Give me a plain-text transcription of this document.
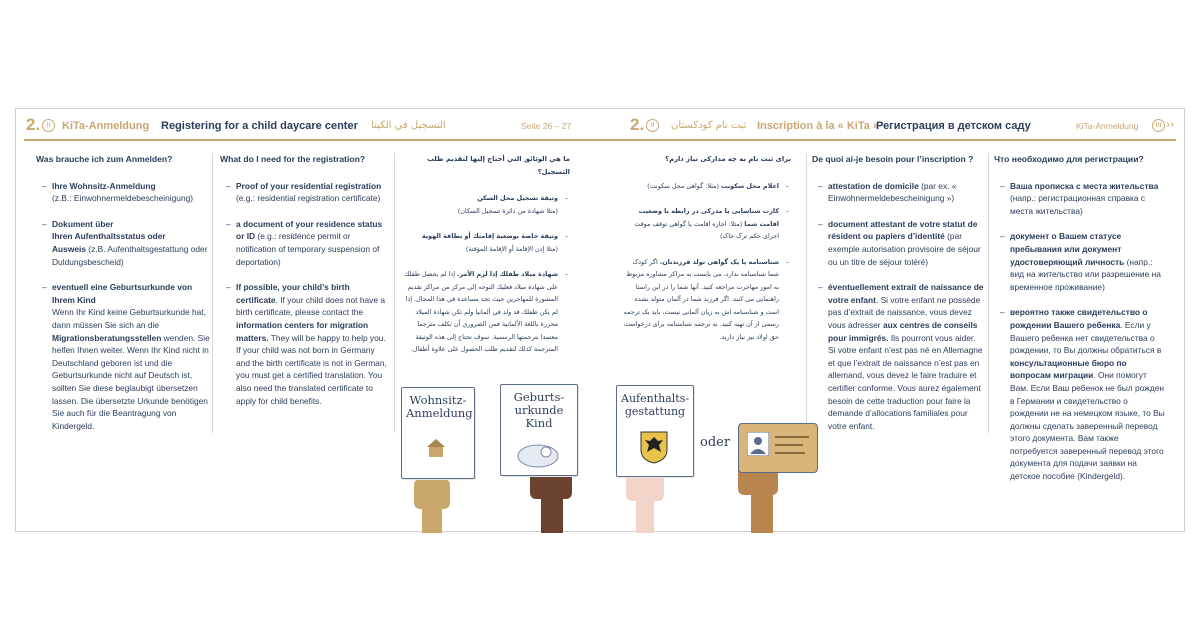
2. II	KiTa-Anmeldung Registering for a child daycare center التسجيل في الكيتا	Seite 26 – 27	2. II	ثبت نام کودکستان Inscription à la « KiTa »
Регистрация в детском саду	KiTa-Anmeldung	III ››
Was brauche ich zum Anmelden?
– Ihre Wohnsitz-Anmeldung
(z.B.: Einwohnermeldebescheinigung)
– Dokument über
Ihren Aufenthaltsstatus oder
Ausweis (z.B. Aufenthaltsgestattung oder Duldungsbescheid)
– eventuell eine Geburtsurkunde von Ihrem Kind
Wenn Ihr Kind keine Geburtsurkunde hat, dann müssen Sie sich an die Migrationsberatungsstellen wenden. Sie helfen Ihnen weiter. Wenn Ihr Kind nicht in Deutschland geboren ist und die Geburtsurkunde nicht auf Deutsch ist, sollten Sie diese beglaubigt übersetzen lassen. Die übersetzte Urkunde benötigen Sie auch für die Beantragung von Kindergeld.
What do I need for the registration?
– Proof of your residential registration
(e.g.: residential registration certificate)
– a document of your residence status or ID (e.g.: residence permit or notification of temporary suspension of deportation)
– If possible, your child’s birth certificate. If your child does not have a birth certificate, please contact the information centers for migration matters. They will be happy to help you. If your child was not born in Germany and the birth certificate is not in German, you must get a certified translation. You also need the translated certificate to apply for child benefits.
ما هي الوثائق التي أحتاج إليها لتقديم طلب التسجيل؟
–
وثيقة تسجيل محل السكن
(مثلا شهادة من دائرة تسجيل السكان)
–
وثيقة خاصة بوضعية إقامتك أو بطاقة الهوية
(مثلا إذن الإقامة أو الإقامة المؤقتة)
–
شهادة ميلاد طفلك إذا لزم الأمر. إذا لم يحصل طفلك على شهادة ميلاد فعليك التوجه إلى مركز من مراكز تقديم المشورة للمهاجرين حيث تجد مساعدة في هذا المجال. إذا لم يكن طفلك قد ولد في ألمانيا ولم تكن شهادة الميلاد محررة باللغة الألمانية فمن الضروري أن تكلف مترجما معتمدا بترجمتها الرسمية. سوف تحتاج إلى هذه الوثيقة المترجمة كذلك لتقديم طلب الحصول على علاوة أطفال.
برای ثبت نام به چه مدارکی نیاز دارم؟
–
اعلام محل سکونت (مثلا: گواهی محل سکونت)
–
کارت شناسایی یا مدرکی در رابطه با وضعیت اقامت شما (مثلا: اجازه اقامت یا گواهی توقف موقت اجرای حکم ترک خاک)
–
شناسنامه یا یک گواهی تولد فرزندتان. اگر کودک شما شناسنامه ندارد، می بایست به مراکز مشاوره مربوط به امور مهاجرت مراجعه کنید. آنها شما را در این راستا راهنمایی می کنند. اگر فرزند شما در آلمان متولد نشده است و شناسنامه اش به زبان آلمانی نیست، باید یک ترجمه رسمی از آن تهیه کنید. به ترجمه شناسنامه برای درخواست حق اولاد نیز نیاز دارید.
De quoi ai-je besoin pour l’inscription ?
– attestation de domicile (par ex. « Einwohnermeldebescheinigung »)
– document attestant de votre statut de résident ou papiers d’identité (par exemple autorisation provisoire de séjour ou un titre de séjour toléré)
– éventuellement extrait de naissance de votre enfant. Si votre enfant ne possède pas d’extrait de naissance, vous devez vous adresser aux centres de conseils pour immigrés. Ils pourront vous aider. Si votre enfant n’est pas né en Allemagne et que l’extrait de naissance n’est pas en allemand, vous devez le faire traduire et certifier conforme. Vous aurez également besoin de cette traduction pour faire la demande d’allocations familiales pour votre enfant.
Что необходимо для регистрации?
– Ваша прописка с места жительства (напр.: регистрационная справка с места жительства)
– документ о Вашем статусе пребывания или документ удостоверяющий личность (напр.: вид на жительство или разрешение на временное проживание)
– вероятно также свидетельство о рождении Вашего ребенка. Если у Вашего ребенка нет свидетельства о рождении, то Вы должны обратиться в консультационные бюро по вопросам миграции. Они помогут Вам. Если Ваш ребенок не был рожден в Германии и свидетельство о рождении не на немецком языке, то Вы должны сделать заверенный перевод этого документа. Вам также потребуется заверенный перевод этого документа для подачи заявки на детское пособие (Kindergeld).
Wohnsitz-
Anmeldung
Geburts-
urkunde
Kind
Aufenthalts-
gestattung
oder
